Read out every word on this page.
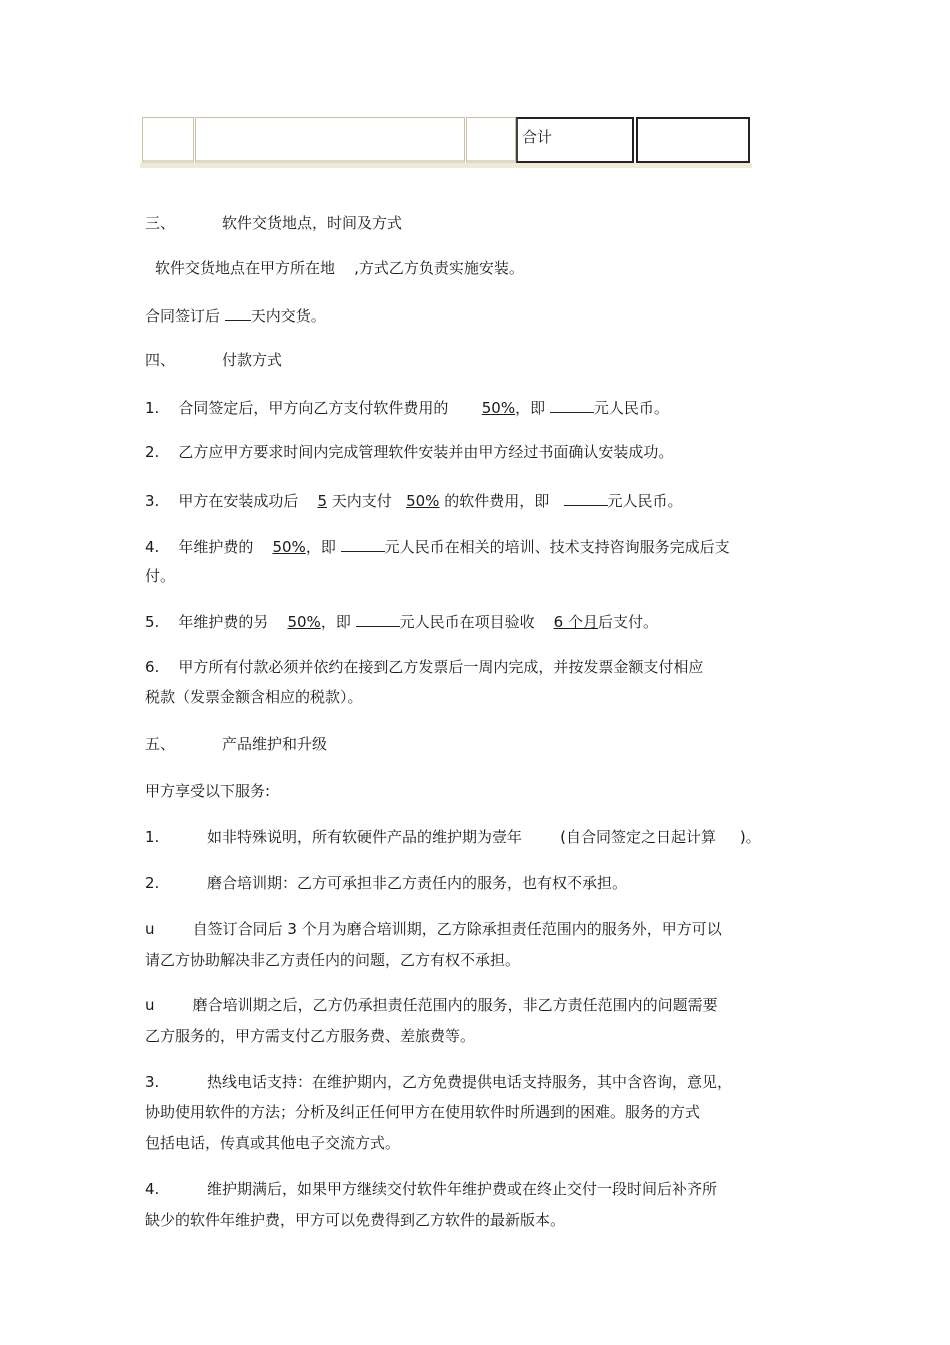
合计
三、	软件交货地点，时间及方式
软件交货地点在甲方所在地    ,方式乙方负责实施安装。
合同签订后 天内交货。
四、	付款方式
1.    合同签定后，甲方向乙方支付软件费用的       50%，即	元人民币。
2.    乙方应甲方要求时间内完成管理软件安装并由甲方经过书面确认安装成功。
3.    甲方在安装成功后    5 天内支付   50% 的软件费用，即	元人民币。
4.    年维护费的    50%，即	元人民币在相关的培训、技术支持咨询服务完成后支
付。
5.    年维护费的另    50%，即	元人民币在项目验收    6 个月后支付。
6.    甲方所有付款必须并依约在接到乙方发票后一周内完成，并按发票金额支付相应
税款（发票金额含相应的税款）。
五、	产品维护和升级
甲方享受以下服务:
1.          如非特殊说明，所有软硬件产品的维护期为壹年        (自合同签定之日起计算     )。
2.          磨合培训期：乙方可承担非乙方责任内的服务，也有权不承担。
u        自签订合同后 3 个月为磨合培训期，乙方除承担责任范围内的服务外，甲方可以
请乙方协助解决非乙方责任内的问题，乙方有权不承担。
u        磨合培训期之后，乙方仍承担责任范围内的服务，非乙方责任范围内的问题需要
乙方服务的，甲方需支付乙方服务费、差旅费等。
3.          热线电话支持：在维护期内，乙方免费提供电话支持服务，其中含咨询，意见，
协助使用软件的方法；分析及纠正任何甲方在使用软件时所遇到的困难。服务的方式
包括电话，传真或其他电子交流方式。
4.          维护期满后，如果甲方继续交付软件年维护费或在终止交付一段时间后补齐所
缺少的软件年维护费，甲方可以免费得到乙方软件的最新版本。
